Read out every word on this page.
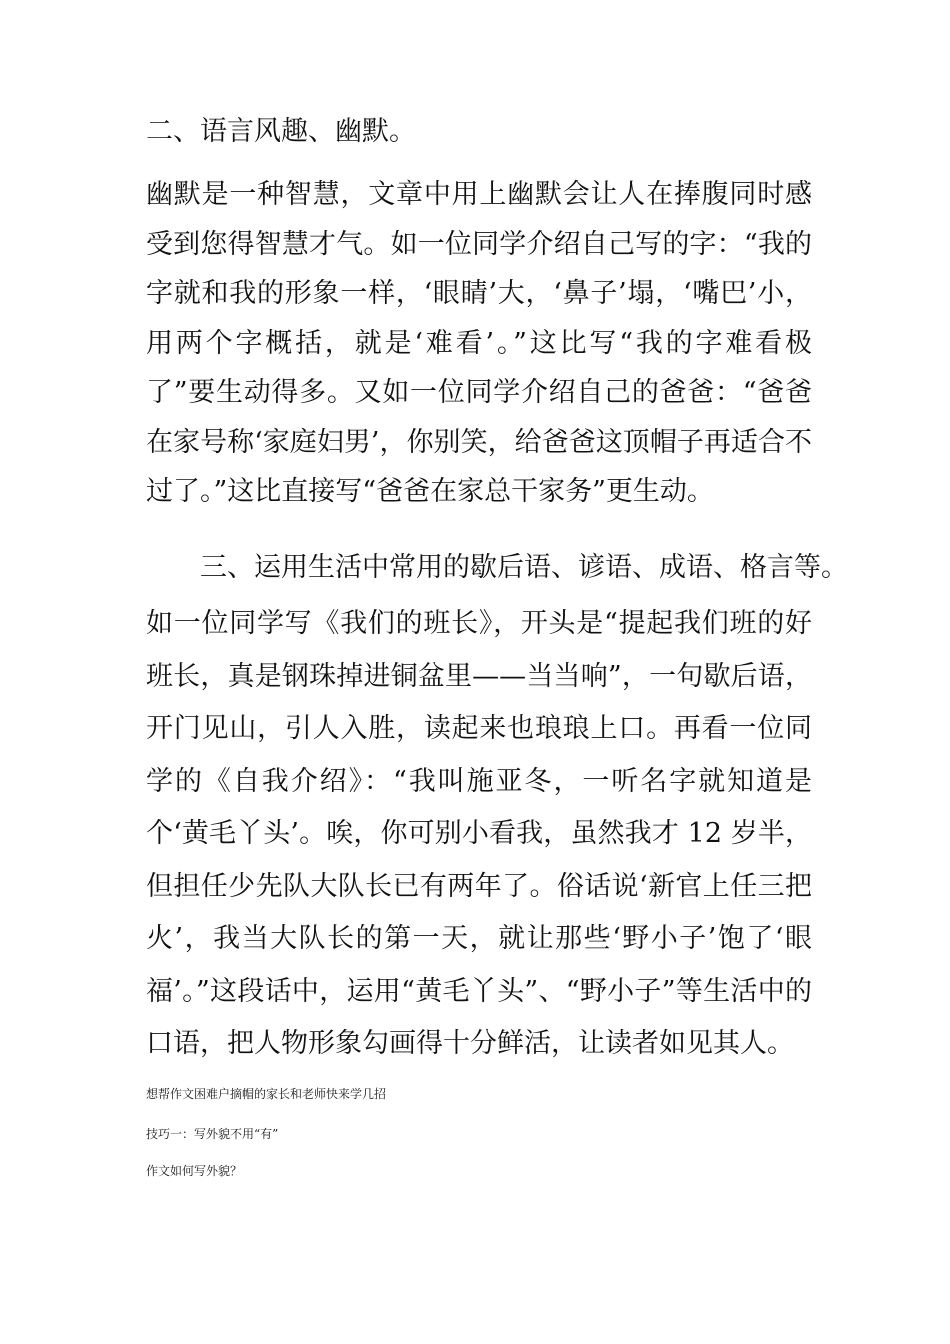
二、语言风趣、幽默。
幽默是一种智慧，文章中用上幽默会让人在捧腹同时感受到您得智慧才气。如一位同学介绍自己写的字：“我的字就和我的形象一样，‘眼睛’大，‘鼻子’塌，‘嘴巴’小，用两个字概括，就是‘难看’。”这比写“我的字难看极了”要生动得多。又如一位同学介绍自己的爸爸：“爸爸在家号称‘家庭妇男’，你别笑，给爸爸这顶帽子再适合不过了。”这比直接写“爸爸在家总干家务”更生动。
三、运用生活中常用的歇后语、谚语、成语、格言等。
如一位同学写《我们的班长》，开头是“提起我们班的好班长，真是钢珠掉进铜盆里——当当响”，一句歇后语，开门见山，引人入胜，读起来也琅琅上口。再看一位同学的《自我介绍》：“我叫施亚冬，一听名字就知道是个‘黄毛丫头’。唉，你可别小看我，虽然我才 12 岁半，但担任少先队大队长已有两年了。俗话说‘新官上任三把火’，我当大队长的第一天，就让那些‘野小子’饱了‘眼福’。”这段话中，运用“黄毛丫头”、“野小子”等生活中的口语，把人物形象勾画得十分鲜活，让读者如见其人。
想帮作文困难户摘帽的家长和老师快来学几招
技巧一：写外貌不用“有”
作文如何写外貌？
